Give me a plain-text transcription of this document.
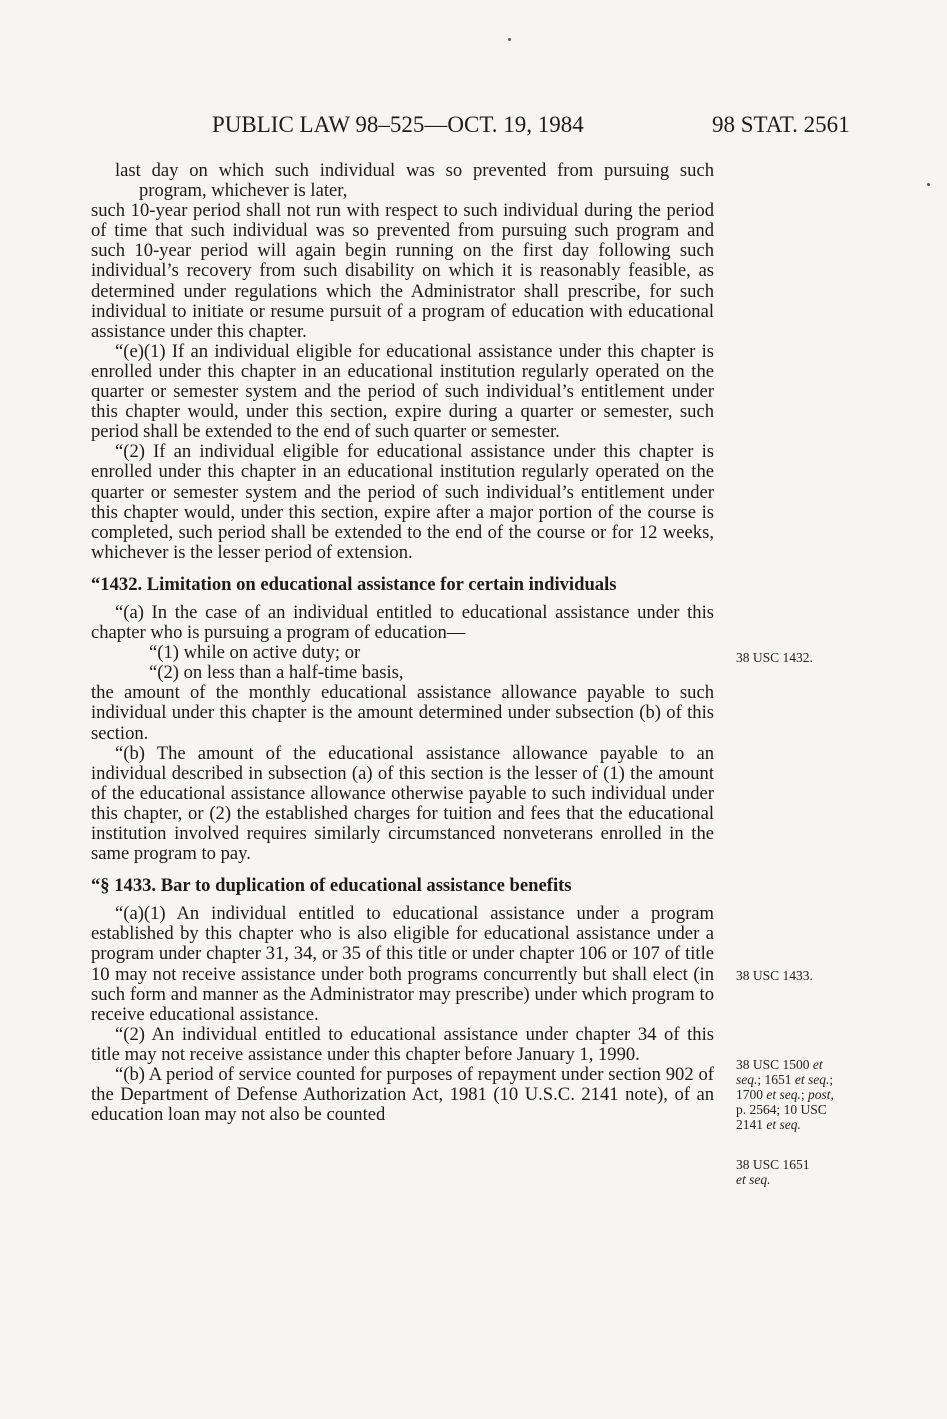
PUBLIC LAW 98–525—OCT. 19, 1984	98 STAT. 2561

last day on which such individual was so prevented from pursuing such program, whichever is later,

such 10-year period shall not run with respect to such individual during the period of time that such individual was so prevented from pursuing such program and such 10-year period will again begin running on the first day following such individual’s recovery from such disability on which it is reasonably feasible, as determined under regulations which the Administrator shall prescribe, for such individual to initiate or resume pursuit of a program of education with educational assistance under this chapter.

“(e)(1) If an individual eligible for educational assistance under this chapter is enrolled under this chapter in an educational institution regularly operated on the quarter or semester system and the period of such individual’s entitlement under this chapter would, under this section, expire during a quarter or semester, such period shall be extended to the end of such quarter or semester.

“(2) If an individual eligible for educational assistance under this chapter is enrolled under this chapter in an educational institution regularly operated on the quarter or semester system and the period of such individual’s entitlement under this chapter would, under this section, expire after a major portion of the course is completed, such period shall be extended to the end of the course or for 12 weeks, whichever is the lesser period of extension.

“1432. Limitation on educational assistance for certain individuals

“(a) In the case of an individual entitled to educational assistance under this chapter who is pursuing a program of education—

“(1) while on active duty; or

“(2) on less than a half-time basis,

the amount of the monthly educational assistance allowance payable to such individual under this chapter is the amount determined under subsection (b) of this section.

“(b) The amount of the educational assistance allowance payable to an individual described in subsection (a) of this section is the lesser of (1) the amount of the educational assistance allowance otherwise payable to such individual under this chapter, or (2) the established charges for tuition and fees that the educational institution involved requires similarly circumstanced nonveterans enrolled in the same program to pay.

“§ 1433. Bar to duplication of educational assistance benefits

“(a)(1) An individual entitled to educational assistance under a program established by this chapter who is also eligible for educational assistance under a program under chapter 31, 34, or 35 of this title or under chapter 106 or 107 of title 10 may not receive assistance under both programs concurrently but shall elect (in such form and manner as the Administrator may prescribe) under which program to receive educational assistance.

“(2) An individual entitled to educational assistance under chapter 34 of this title may not receive assistance under this chapter before January 1, 1990.

“(b) A period of service counted for purposes of repayment under section 902 of the Department of Defense Authorization Act, 1981 (10 U.S.C. 2141 note), of an education loan may not also be counted

38 USC 1432.
38 USC 1433.
38 USC 1500 et
seq.; 1651 et seq.;
1700 et seq.; post,
p. 2564; 10 USC
2141 et seq.
38 USC 1651
et seq.
